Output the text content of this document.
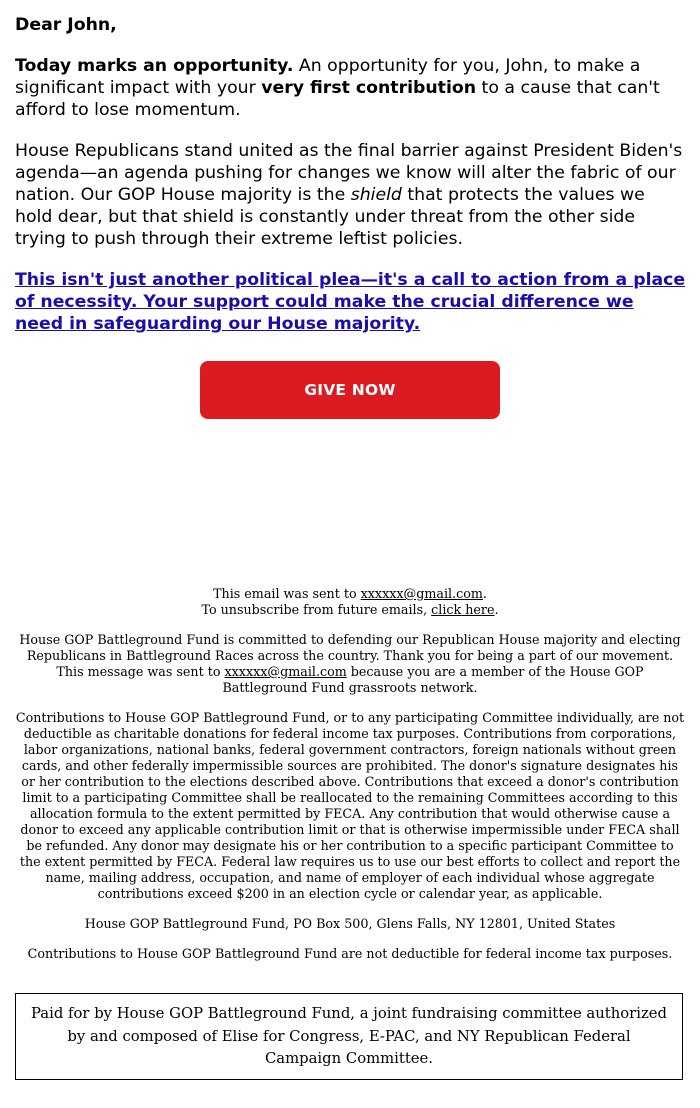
Dear John,

Today marks an opportunity. An opportunity for you, John, to make a significant impact with your very first contribution to a cause that can't afford to lose momentum.

House Republicans stand united as the final barrier against President Biden's agenda—an agenda pushing for changes we know will alter the fabric of our nation. Our GOP House majority is the shield that protects the values we hold dear, but that shield is constantly under threat from the other side trying to push through their extreme leftist policies.

This isn't just another political plea—it's a call to action from a place of necessity. Your support could make the crucial difference we need in safeguarding our House majority.
GIVE NOW

This email was sent to xxxxxx@gmail.com.

To unsubscribe from future emails, click here.

House GOP Battleground Fund is committed to defending our Republican House majority and electing Republicans in Battleground Races across the country. Thank you for being a part of our movement. This message was sent to xxxxxx@gmail.com because you are a member of the House GOP Battleground Fund grassroots network.

Contributions to House GOP Battleground Fund, or to any participating Committee individually, are not deductible as charitable donations for federal income tax purposes. Contributions from corporations, labor organizations, national banks, federal government contractors, foreign nationals without green cards, and other federally impermissible sources are prohibited. The donor's signature designates his or her contribution to the elections described above. Contributions that exceed a donor's contribution limit to a participating Committee shall be reallocated to the remaining Committees according to this allocation formula to the extent permitted by FECA. Any contribution that would otherwise cause a donor to exceed any applicable contribution limit or that is otherwise impermissible under FECA shall be refunded. Any donor may designate his or her contribution to a specific participant Committee to the extent permitted by FECA. Federal law requires us to use our best efforts to collect and report the name, mailing address, occupation, and name of employer of each individual whose aggregate contributions exceed $200 in an election cycle or calendar year, as applicable.

House GOP Battleground Fund, PO Box 500, Glens Falls, NY 12801, United States

Contributions to House GOP Battleground Fund are not deductible for federal income tax purposes.

Paid for by House GOP Battleground Fund, a joint fundraising committee authorized by and composed of Elise for Congress, E-PAC, and NY Republican Federal Campaign Committee.
